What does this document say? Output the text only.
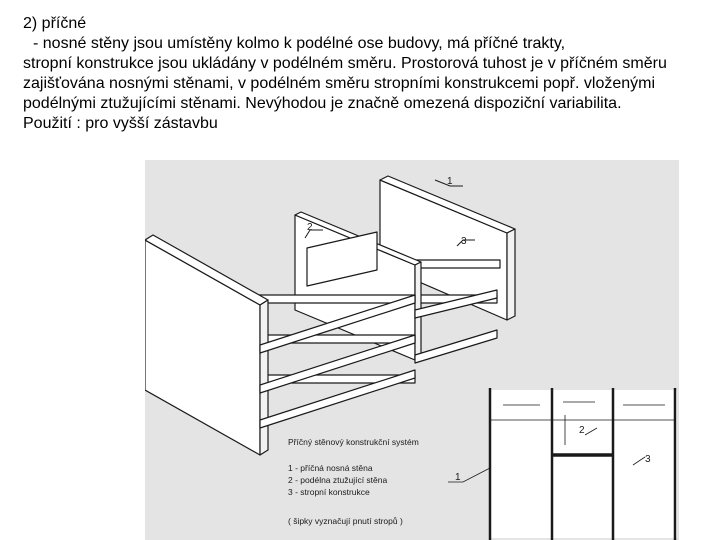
2) příčné

- nosné stěny jsou umístěny kolmo k podélné ose budovy, má příčné trakty,

stropní konstrukce jsou ukládány v podélném směru. Prostorová tuhost je v příčném směru zajišťována nosnými stěnami, v podélném směru stropními konstrukcemi popř. vloženými podélnými ztužujícími stěnami. Nevýhodou je značně omezená dispoziční variabilita.

Použití : pro vyšší zástavbu

1
2
3
1
2
3
Příčný stěnový konstrukční systém
1 - příčná nosná stěna
2 - podélna ztužující stěna
3 - stropní konstrukce
( šipky vyznačují pnutí stropů )
